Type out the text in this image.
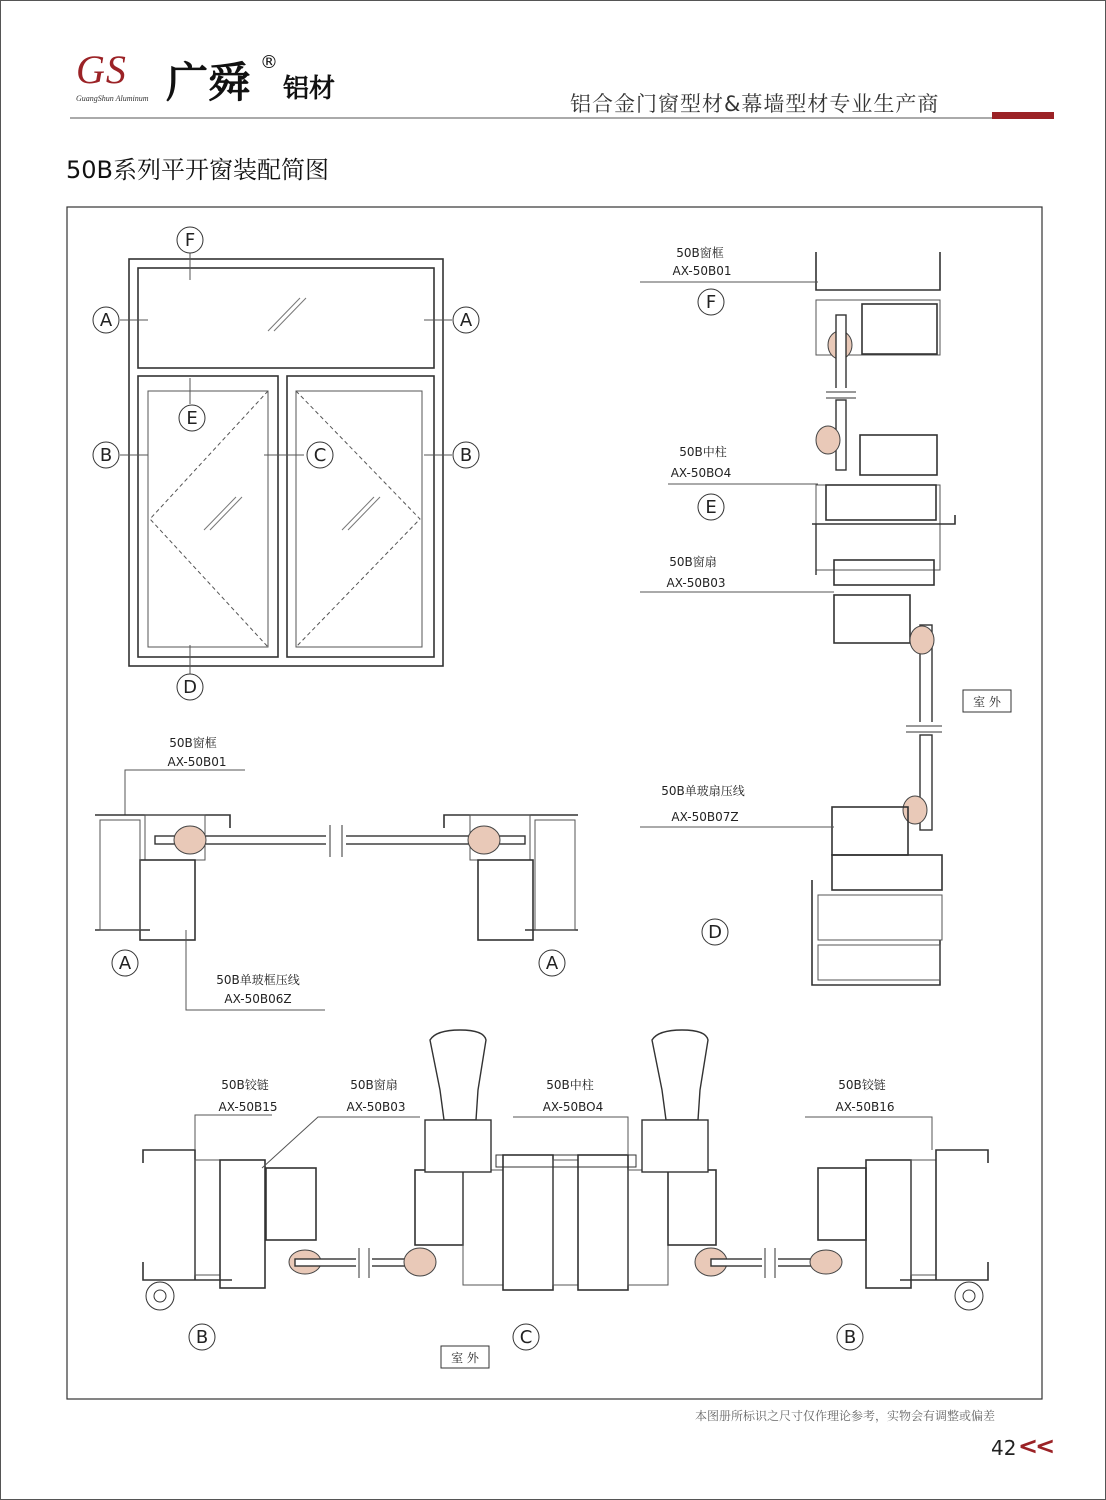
GS
GuangShun Aluminum 广舜 ®
铝材	铝合金门窗型材&幕墙型材专业生产商
50B系列平开窗装配简图
F
A	A
E
B	C	B
D
50B窗框
AX-50B01
50B单玻框压线
AX-50B06Z
A	A
50B窗框
AX-50B01
F
50B中柱
AX-50BO4
E
50B窗扇
AX-50B03
50B单玻扇压线
AX-50B07Z
D
室 外
50B铰链
AX-50B15
50B窗扇
AX-50B03
50B中柱
AX-50BO4
50B铰链
AX-50B16
B	C	B
室 外
本图册所标识之尺寸仅作理论参考，实物会有调整或偏差
42 <<
